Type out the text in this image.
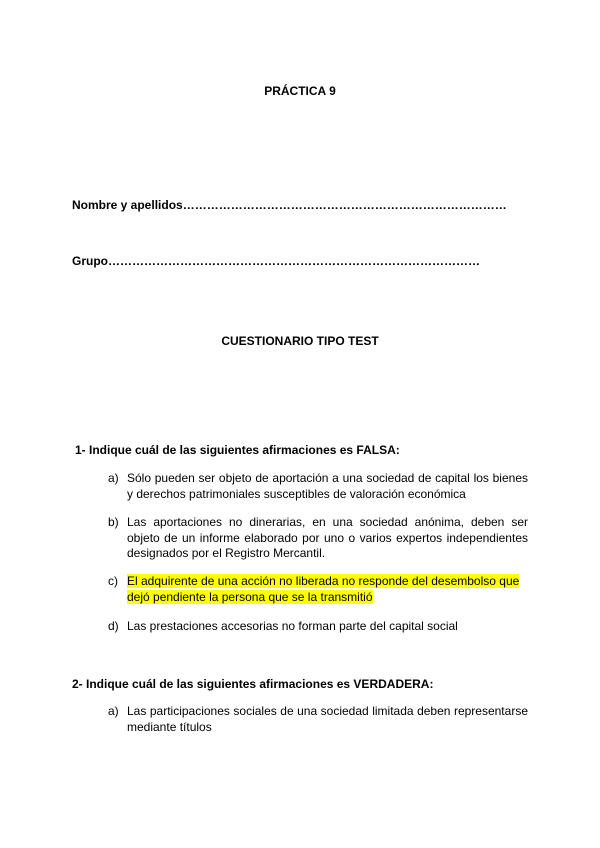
PRÁCTICA 9
Nombre y apellidos………………………………………………………………………
Grupo…………………………………………………………………………………
CUESTIONARIO TIPO TEST
1- Indique cuál de las siguientes afirmaciones es FALSA:
a) Sólo pueden ser objeto de aportación a una sociedad de capital los bienes y derechos patrimoniales susceptibles de valoración económica
b) Las aportaciones no dinerarias, en una sociedad anónima, deben ser objeto de un informe elaborado por uno o varios expertos independientes designados por el Registro Mercantil.
c) El adquirente de una acción no liberada no responde del desembolso que dejó pendiente la persona que se la transmitió
d) Las prestaciones accesorias no forman parte del capital social
2- Indique cuál de las siguientes afirmaciones es VERDADERA:
a) Las participaciones sociales de una sociedad limitada deben representarse mediante títulos
